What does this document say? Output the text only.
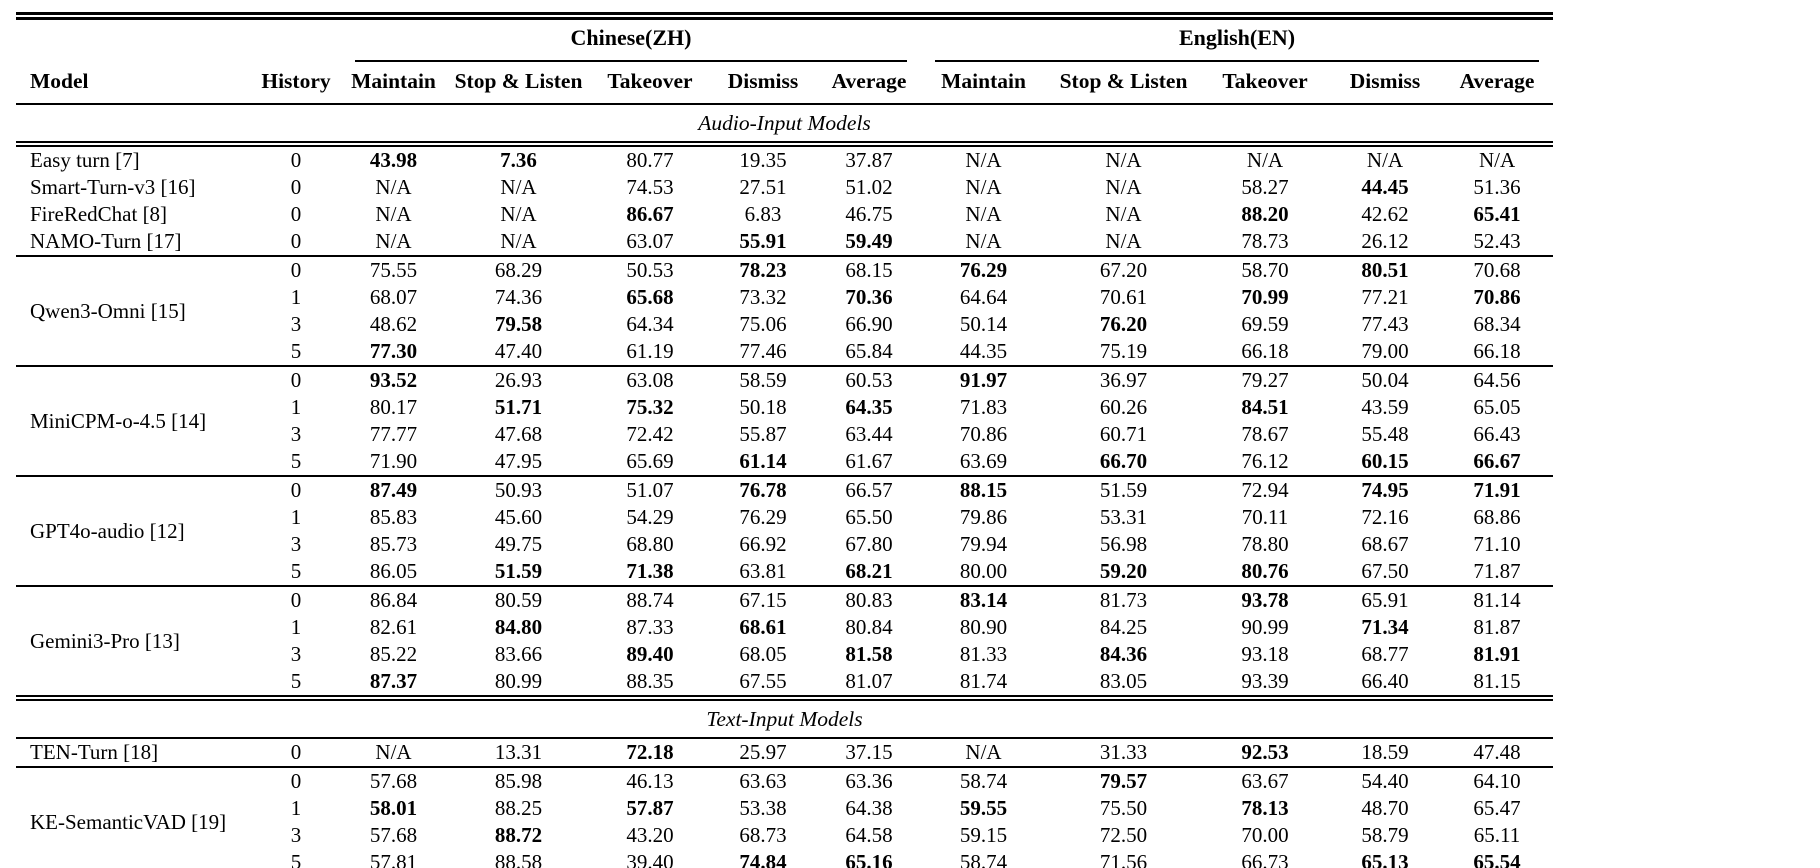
		Chinese(ZH)					English(EN)				

Model	History	Maintain	Stop & Listen	Takeover	Dismiss	Average	Maintain	Stop & Listen	Takeover	Dismiss	Average
Audio-Input Models											
Easy turn [7]	0	43.98	7.36	80.77	19.35	37.87	N/A	N/A	N/A	N/A	N/A
Smart-Turn-v3 [16]	0	N/A	N/A	74.53	27.51	51.02	N/A	N/A	58.27	44.45	51.36
FireRedChat [8]	0	N/A	N/A	86.67	6.83	46.75	N/A	N/A	88.20	42.62	65.41
NAMO-Turn [17]	0	N/A	N/A	63.07	55.91	59.49	N/A	N/A	78.73	26.12	52.43
Qwen3-Omni [15]	0	75.55	68.29	50.53	78.23	68.15	76.29	67.20	58.70	80.51	70.68
	1	68.07	74.36	65.68	73.32	70.36	64.64	70.61	70.99	77.21	70.86
	3	48.62	79.58	64.34	75.06	66.90	50.14	76.20	69.59	77.43	68.34
	5	77.30	47.40	61.19	77.46	65.84	44.35	75.19	66.18	79.00	66.18
MiniCPM-o-4.5 [14]	0	93.52	26.93	63.08	58.59	60.53	91.97	36.97	79.27	50.04	64.56
	1	80.17	51.71	75.32	50.18	64.35	71.83	60.26	84.51	43.59	65.05
	3	77.77	47.68	72.42	55.87	63.44	70.86	60.71	78.67	55.48	66.43
	5	71.90	47.95	65.69	61.14	61.67	63.69	66.70	76.12	60.15	66.67
GPT4o-audio [12]	0	87.49	50.93	51.07	76.78	66.57	88.15	51.59	72.94	74.95	71.91
	1	85.83	45.60	54.29	76.29	65.50	79.86	53.31	70.11	72.16	68.86
	3	85.73	49.75	68.80	66.92	67.80	79.94	56.98	78.80	68.67	71.10
	5	86.05	51.59	71.38	63.81	68.21	80.00	59.20	80.76	67.50	71.87
Gemini3-Pro [13]	0	86.84	80.59	88.74	67.15	80.83	83.14	81.73	93.78	65.91	81.14
	1	82.61	84.80	87.33	68.61	80.84	80.90	84.25	90.99	71.34	81.87
	3	85.22	83.66	89.40	68.05	81.58	81.33	84.36	93.18	68.77	81.91
	5	87.37	80.99	88.35	67.55	81.07	81.74	83.05	93.39	66.40	81.15
Text-Input Models											
TEN-Turn [18]	0	N/A	13.31	72.18	25.97	37.15	N/A	31.33	92.53	18.59	47.48
KE-SemanticVAD [19]	0	57.68	85.98	46.13	63.63	63.36	58.74	79.57	63.67	54.40	64.10
	1	58.01	88.25	57.87	53.38	64.38	59.55	75.50	78.13	48.70	65.47
	3	57.68	88.72	43.20	68.73	64.58	59.15	72.50	70.00	58.79	65.11
	5	57.81	88.58	39.40	74.84	65.16	58.74	71.56	66.73	65.13	65.54
